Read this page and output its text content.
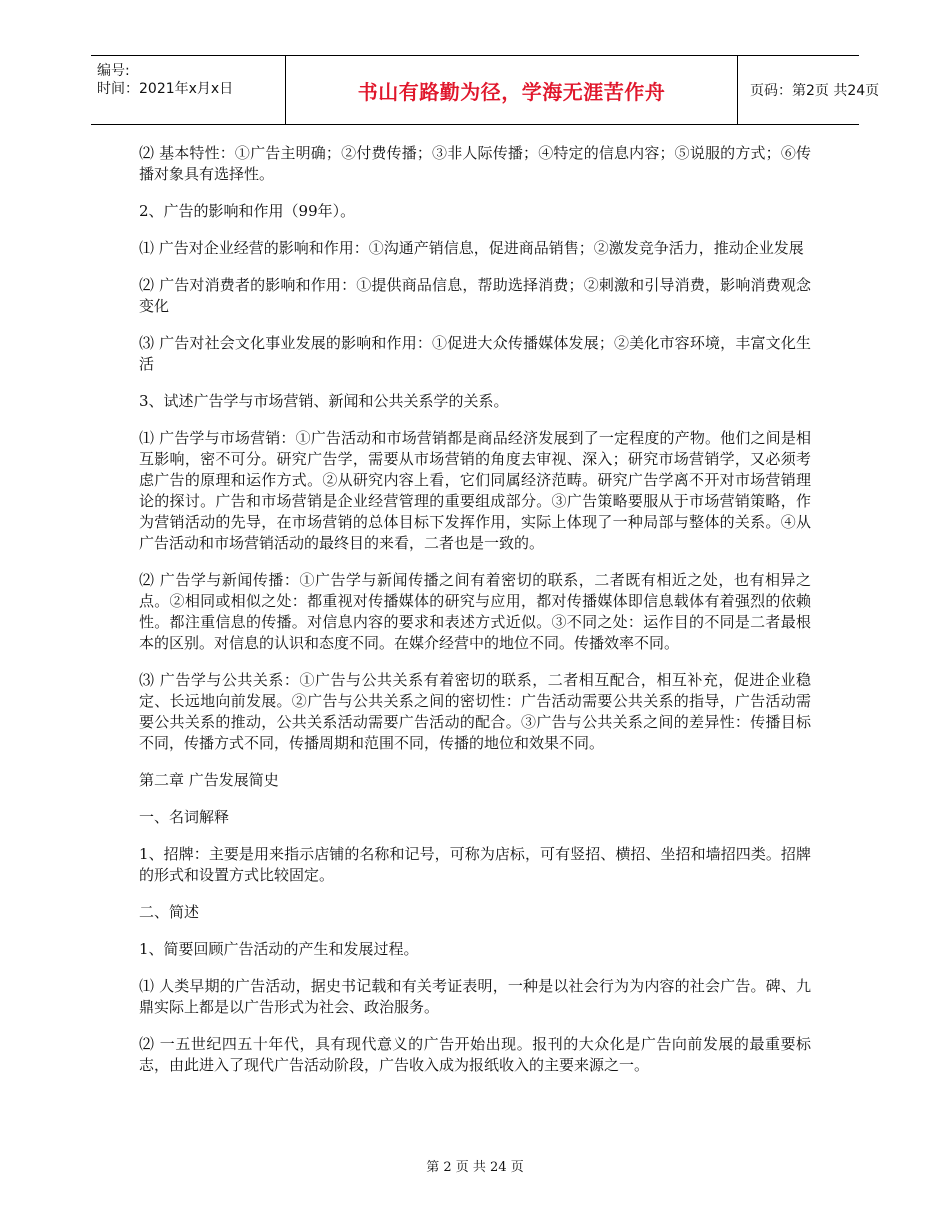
编号:
时间：2021年x月x日	书山有路勤为径，学海无涯苦作舟	页码：第2页 共24页

⑵ 基本特性：①广告主明确；②付费传播；③非人际传播；④特定的信息内容；⑤说服的方式；⑥传播对象具有选择性。

2、广告的影响和作用（99年）。

⑴ 广告对企业经营的影响和作用：①沟通产销信息，促进商品销售；②激发竞争活力，推动企业发展

⑵ 广告对消费者的影响和作用：①提供商品信息，帮助选择消费；②刺激和引导消费，影响消费观念变化

⑶ 广告对社会文化事业发展的影响和作用：①促进大众传播媒体发展；②美化市容环境，丰富文化生活

3、试述广告学与市场营销、新闻和公共关系学的关系。

⑴ 广告学与市场营销：①广告活动和市场营销都是商品经济发展到了一定程度的产物。他们之间是相互影响，密不可分。研究广告学，需要从市场营销的角度去审视、深入；研究市场营销学，又必须考虑广告的原理和运作方式。②从研究内容上看，它们同属经济范畴。研究广告学离不开对市场营销理论的探讨。广告和市场营销是企业经营管理的重要组成部分。③广告策略要服从于市场营销策略，作为营销活动的先导，在市场营销的总体目标下发挥作用，实际上体现了一种局部与整体的关系。④从广告活动和市场营销活动的最终目的来看，二者也是一致的。

⑵ 广告学与新闻传播：①广告学与新闻传播之间有着密切的联系，二者既有相近之处，也有相异之点。②相同或相似之处：都重视对传播媒体的研究与应用，都对传播媒体即信息载体有着强烈的依赖性。都注重信息的传播。对信息内容的要求和表述方式近似。③不同之处：运作目的不同是二者最根本的区别。对信息的认识和态度不同。在媒介经营中的地位不同。传播效率不同。

⑶ 广告学与公共关系：①广告与公共关系有着密切的联系，二者相互配合，相互补充，促进企业稳定、长远地向前发展。②广告与公共关系之间的密切性：广告活动需要公共关系的指导，广告活动需要公共关系的推动，公共关系活动需要广告活动的配合。③广告与公共关系之间的差异性：传播目标不同，传播方式不同，传播周期和范围不同，传播的地位和效果不同。

第二章 广告发展简史

一、名词解释

1、招牌：主要是用来指示店铺的名称和记号，可称为店标，可有竖招、横招、坐招和墙招四类。招牌的形式和设置方式比较固定。

二、简述

1、简要回顾广告活动的产生和发展过程。

⑴ 人类早期的广告活动，据史书记载和有关考证表明，一种是以社会行为为内容的社会广告。碑、九鼎实际上都是以广告形式为社会、政治服务。

⑵ 一五世纪四五十年代，具有现代意义的广告开始出现。报刊的大众化是广告向前发展的最重要标志，由此进入了现代广告活动阶段，广告收入成为报纸收入的主要来源之一。

第 2 页 共 24 页
